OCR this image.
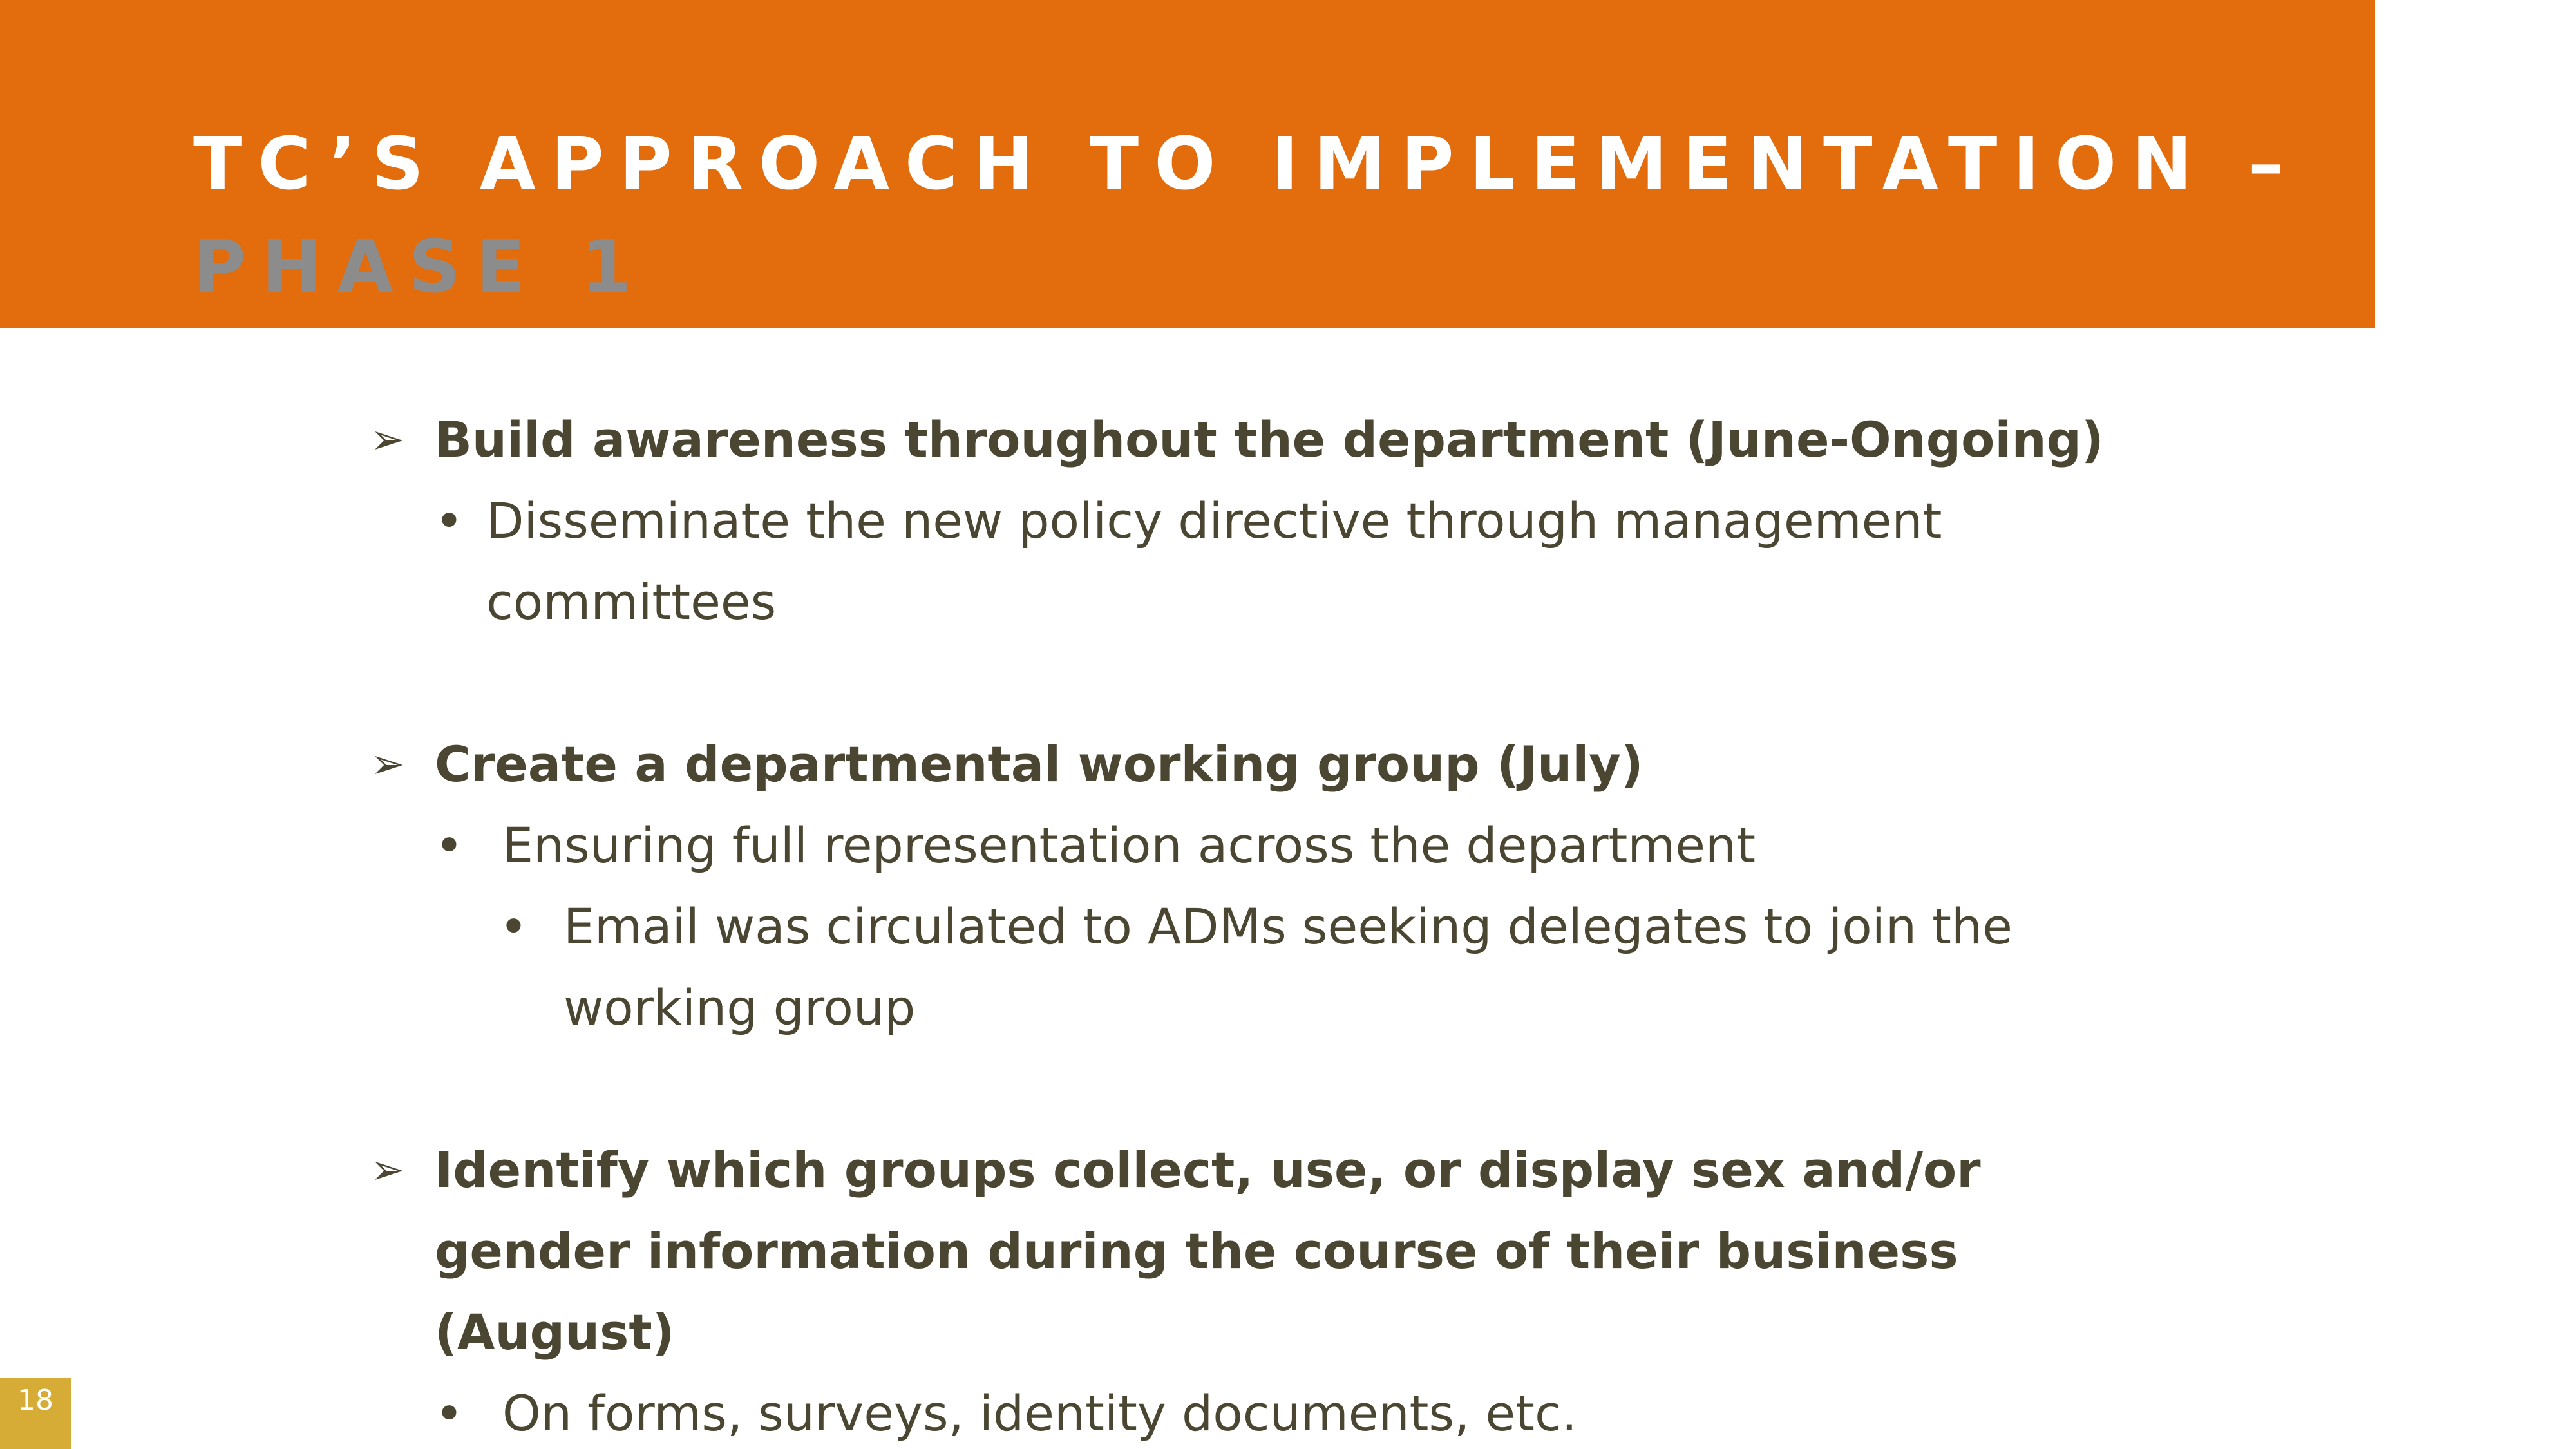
TC’S APPROACH TO IMPLEMENTATION –
PHASE 1

➢ Build awareness throughout the department (June-Ongoing)

• Disseminate the new policy directive through management committees

➢ Create a departmental working group (July)

• Ensuring full representation across the department

• Email was circulated to ADMs seeking delegates to join the working group

➢ Identify which groups collect, use, or display sex and/or gender information during the course of their business (August)

• On forms, surveys, identity documents, etc.

18
